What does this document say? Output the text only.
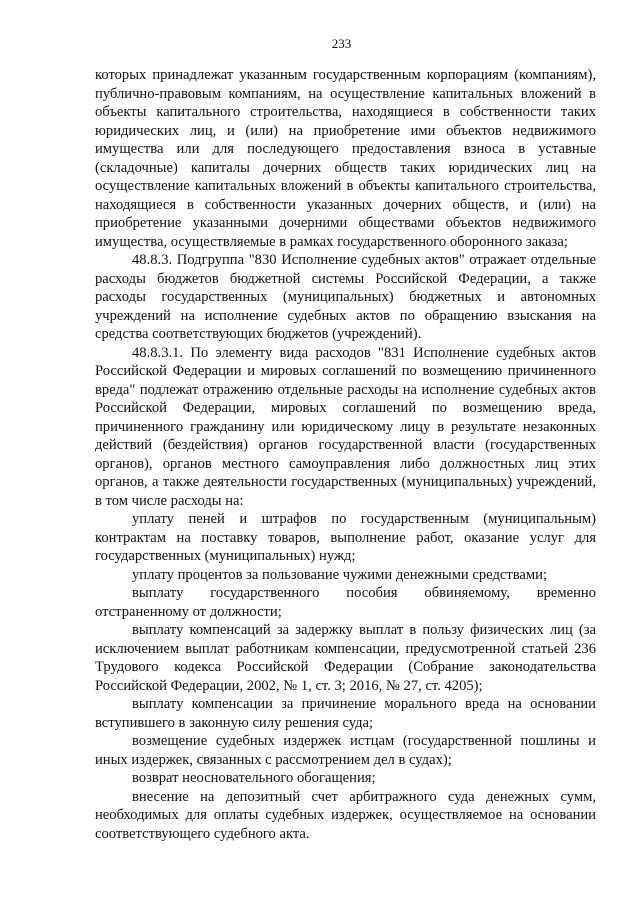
233

которых принадлежат указанным государственным корпорациям (компаниям), публично-правовым компаниям, на осуществление капитальных вложений в объекты капитального строительства, находящиеся в собственности таких юридических лиц, и (или) на приобретение ими объектов недвижимого имущества или для последующего предоставления взноса в уставные (складочные) капиталы дочерних обществ таких юридических лиц на осуществление капитальных вложений в объекты капитального строительства, находящиеся в собственности указанных дочерних обществ, и (или) на приобретение указанными дочерними обществами объектов недвижимого имущества, осуществляемые в рамках государственного оборонного заказа;

48.8.3. Подгруппа "830 Исполнение судебных актов" отражает отдельные расходы бюджетов бюджетной системы Российской Федерации, а также расходы государственных (муниципальных) бюджетных и автономных учреждений на исполнение судебных актов по обращению взыскания на средства соответствующих бюджетов (учреждений).

48.8.3.1. По элементу вида расходов "831 Исполнение судебных актов Российской Федерации и мировых соглашений по возмещению причиненного вреда" подлежат отражению отдельные расходы на исполнение судебных актов Российской Федерации, мировых соглашений по возмещению вреда, причиненного гражданину или юридическому лицу в результате незаконных действий (бездействия) органов государственной власти (государственных органов), органов местного самоуправления либо должностных лиц этих органов, а также деятельности государственных (муниципальных) учреждений, в том числе расходы на:

уплату пеней и штрафов по государственным (муниципальным) контрактам на поставку товаров, выполнение работ, оказание услуг для государственных (муниципальных) нужд;

уплату процентов за пользование чужими денежными средствами;

выплату государственного пособия обвиняемому, временно отстраненному от должности;

выплату компенсаций за задержку выплат в пользу физических лиц (за исключением выплат работникам компенсации, предусмотренной статьей 236 Трудового кодекса Российской Федерации (Собрание законодательства Российской Федерации, 2002, № 1, ст. 3; 2016, № 27, ст. 4205);

выплату компенсации за причинение морального вреда на основании вступившего в законную силу решения суда;

возмещение судебных издержек истцам (государственной пошлины и иных издержек, связанных с рассмотрением дел в судах);

возврат неосновательного обогащения;

внесение на депозитный счет арбитражного суда денежных сумм, необходимых для оплаты судебных издержек, осуществляемое на основании соответствующего судебного акта.
